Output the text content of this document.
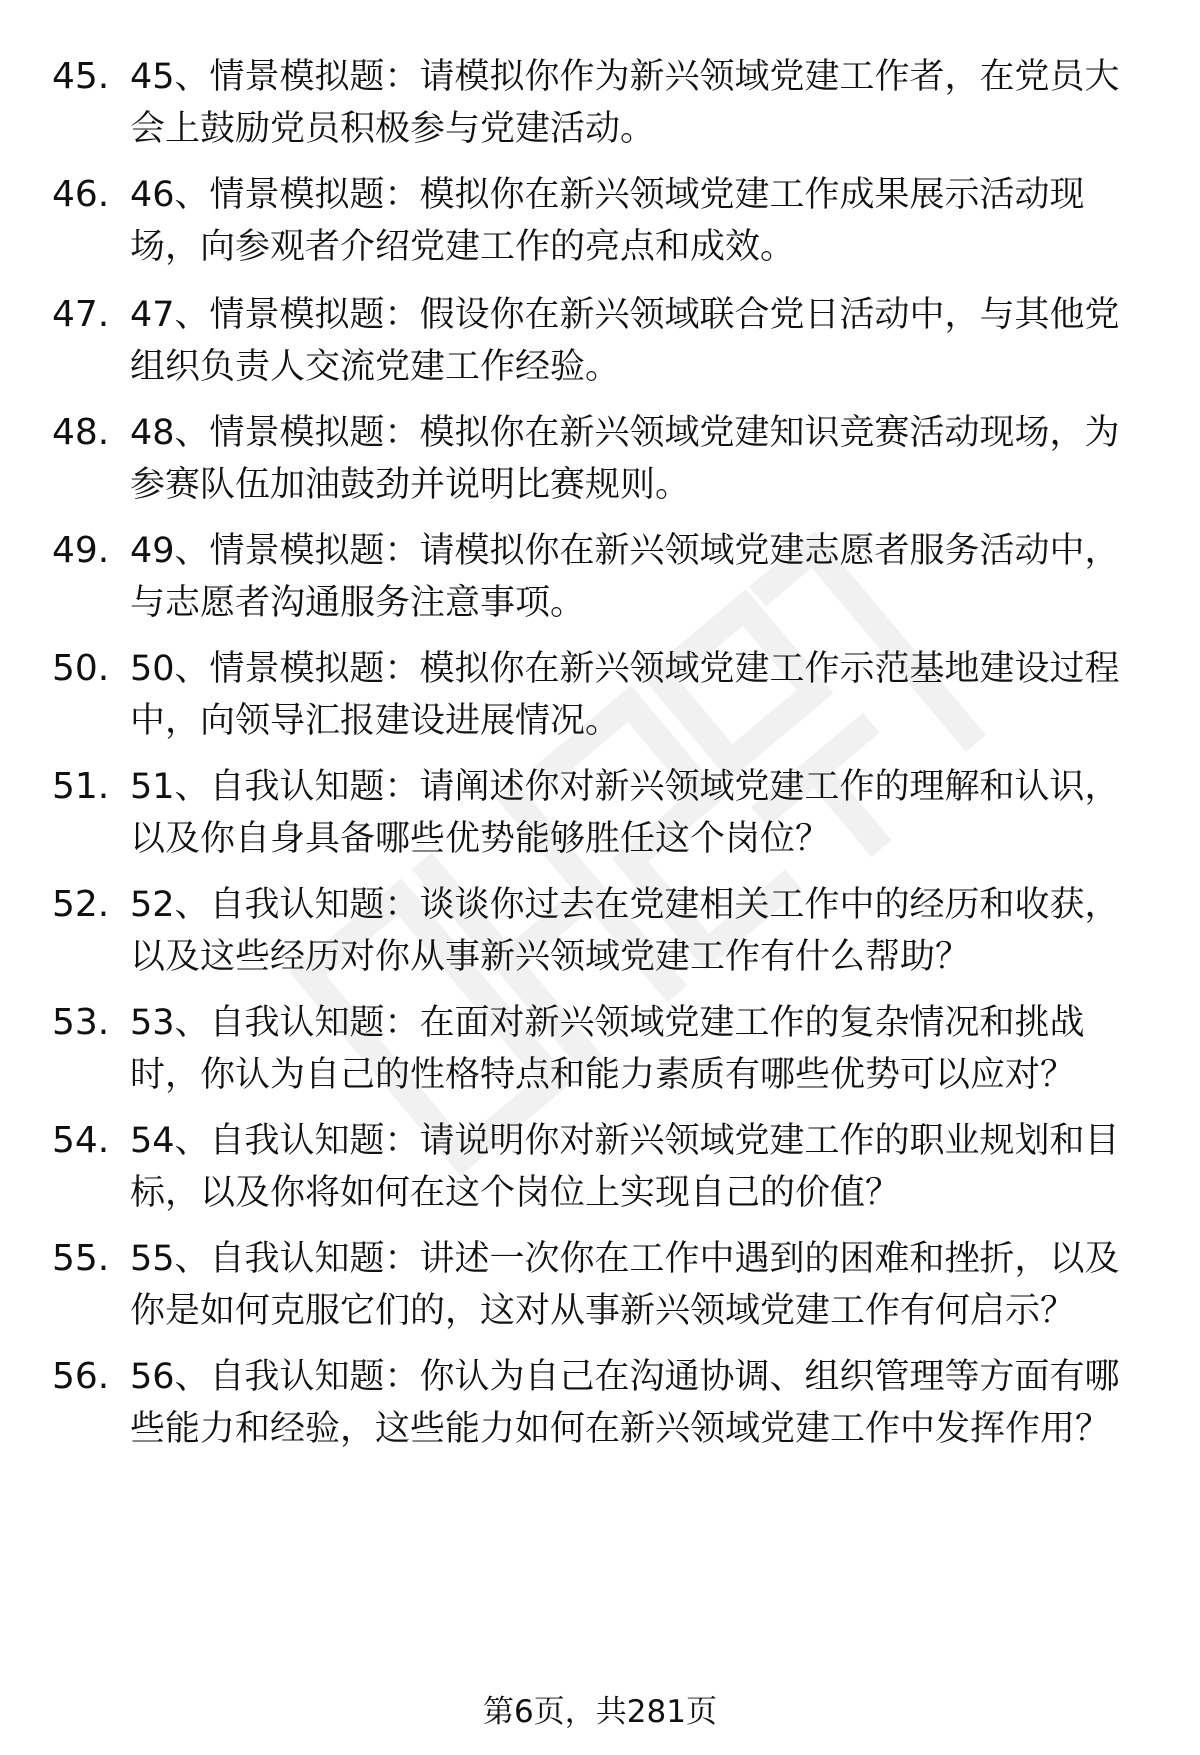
45. 45、情景模拟题：请模拟你作为新兴领域党建工作者，在党员大
会上鼓励党员积极参与党建活动。
46. 46、情景模拟题：模拟你在新兴领域党建工作成果展示活动现
场，向参观者介绍党建工作的亮点和成效。
47. 47、情景模拟题：假设你在新兴领域联合党日活动中，与其他党
组织负责人交流党建工作经验。
48. 48、情景模拟题：模拟你在新兴领域党建知识竞赛活动现场，为
参赛队伍加油鼓劲并说明比赛规则。
49. 49、情景模拟题：请模拟你在新兴领域党建志愿者服务活动中，
与志愿者沟通服务注意事项。
50. 50、情景模拟题：模拟你在新兴领域党建工作示范基地建设过程
中，向领导汇报建设进展情况。
51. 51、自我认知题：请阐述你对新兴领域党建工作的理解和认识，
以及你自身具备哪些优势能够胜任这个岗位？
52. 52、自我认知题：谈谈你过去在党建相关工作中的经历和收获，
以及这些经历对你从事新兴领域党建工作有什么帮助？
53. 53、自我认知题：在面对新兴领域党建工作的复杂情况和挑战
时，你认为自己的性格特点和能力素质有哪些优势可以应对？
54. 54、自我认知题：请说明你对新兴领域党建工作的职业规划和目
标，以及你将如何在这个岗位上实现自己的价值？
55. 55、自我认知题：讲述一次你在工作中遇到的困难和挫折，以及
你是如何克服它们的，这对从事新兴领域党建工作有何启示？
56. 56、自我认知题：你认为自己在沟通协调、组织管理等方面有哪
些能力和经验，这些能力如何在新兴领域党建工作中发挥作用？
第6页，共281页
